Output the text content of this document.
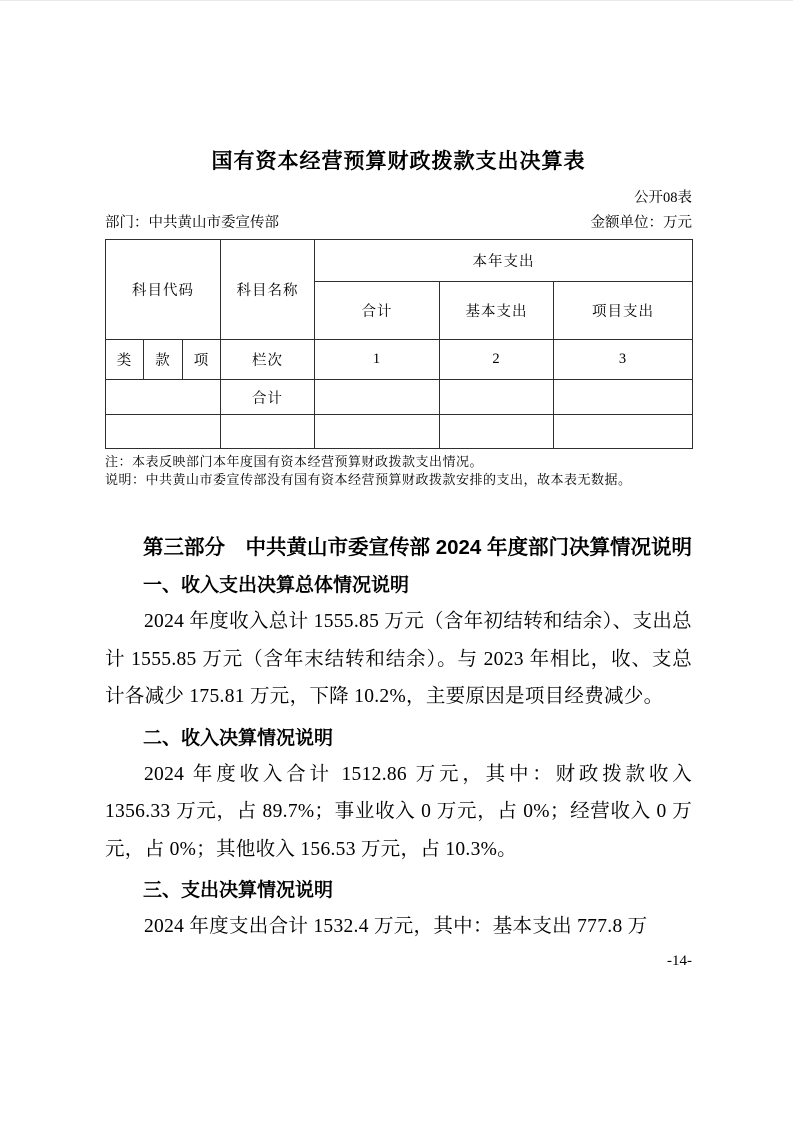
国有资本经营预算财政拨款支出决算表
公开08表
部门：中共黄山市委宣传部	金额单位：万元
科目代码			科目名称	本年支出		
				合计	基本支出	项目支出
类	款	项	栏次	1	2	3
			合计			

注：本表反映部门本年度国有资本经营预算财政拨款支出情况。
说明：中共黄山市委宣传部没有国有资本经营预算财政拨款安排的支出，故本表无数据。
第三部分　中共黄山市委宣传部 2024 年度部门决算情况说明
一、收入支出决算总体情况说明

2024 年度收入总计 1555.85 万元（含年初结转和结余）、支出总计 1555.85 万元（含年末结转和结余）。与 2023 年相比，收、支总计各减少 175.81 万元，下降 10.2%，主要原因是项目经费减少。

二、收入决算情况说明

2024 年度收入合计 1512.86 万元，其中：财政拨款收入 1356.33 万元，占 89.7%；事业收入 0 万元，占 0%；经营收入 0 万元，占 0%；其他收入 156.53 万元，占 10.3%。

三、支出决算情况说明

2024 年度支出合计 1532.4 万元，其中：基本支出 777.8 万

-14-
